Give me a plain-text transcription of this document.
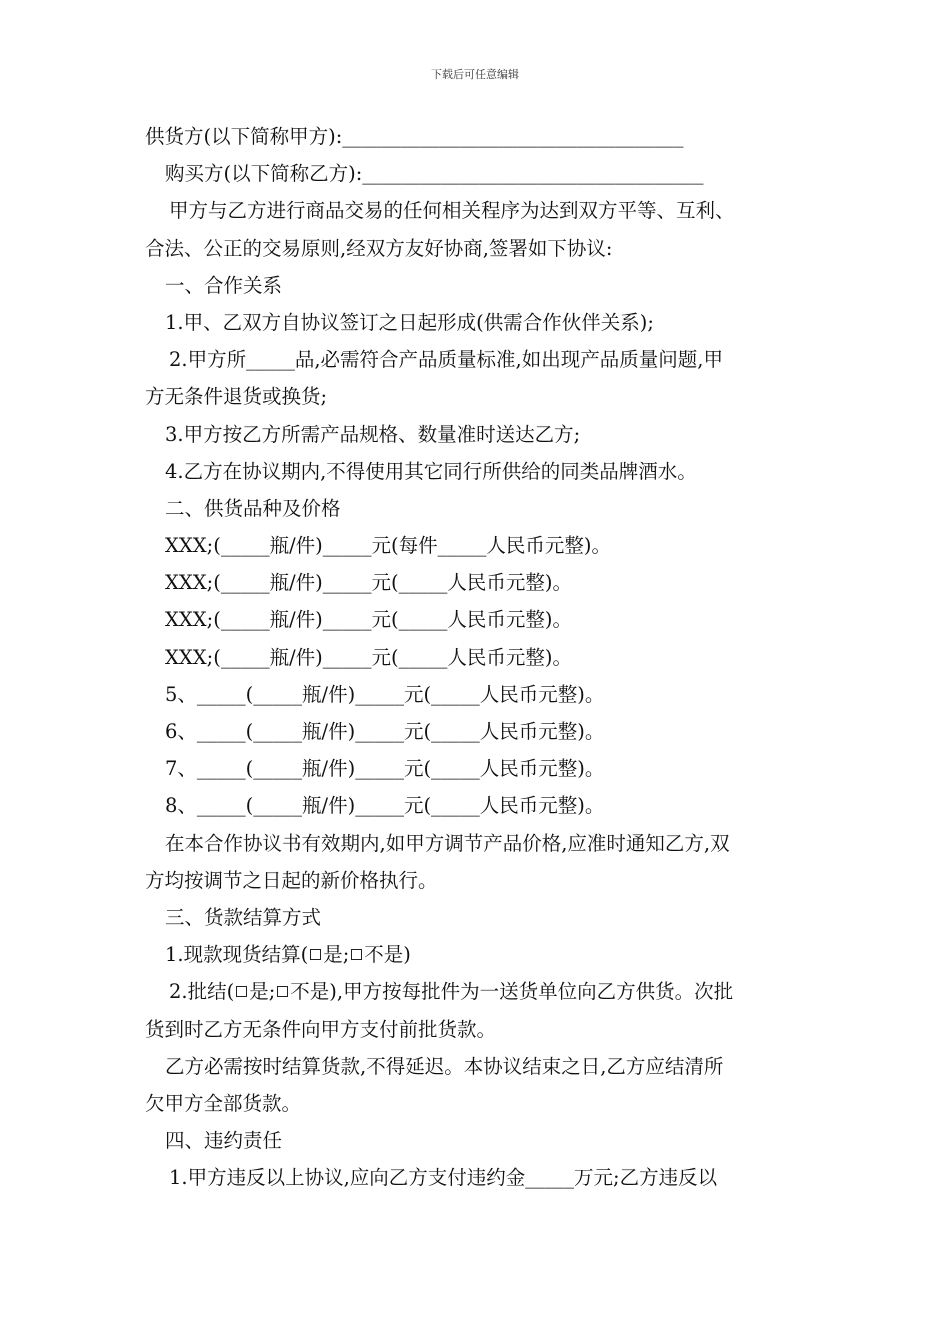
下载后可任意编辑
供货方(以下简称甲方):___________________________________
购买方(以下简称乙方):___________________________________
甲方与乙方进行商品交易的任何相关程序为达到双方平等、互利、
合法、公正的交易原则,经双方友好协商,签署如下协议:
一、合作关系
1.甲、乙双方自协议签订之日起形成(供需合作伙伴关系);
2.甲方所_____品,必需符合产品质量标准,如出现产品质量问题,甲
方无条件退货或换货;
3.甲方按乙方所需产品规格、数量准时送达乙方;
4.乙方在协议期内,不得使用其它同行所供给的同类品牌酒水。
二、供货品种及价格
XXX;(_____瓶/件)_____元(每件_____人民币元整)。
XXX;(_____瓶/件)_____元(_____人民币元整)。
XXX;(_____瓶/件)_____元(_____人民币元整)。
XXX;(_____瓶/件)_____元(_____人民币元整)。
5、_____(_____瓶/件)_____元(_____人民币元整)。
6、_____(_____瓶/件)_____元(_____人民币元整)。
7、_____(_____瓶/件)_____元(_____人民币元整)。
8、_____(_____瓶/件)_____元(_____人民币元整)。
在本合作协议书有效期内,如甲方调节产品价格,应准时通知乙方,双
方均按调节之日起的新价格执行。
三、货款结算方式
1.现款现货结算( 是; 不是)
2.批结( 是; 不是),甲方按每批件为一送货单位向乙方供货。次批
货到时乙方无条件向甲方支付前批货款。
乙方必需按时结算货款,不得延迟。本协议结束之日,乙方应结清所
欠甲方全部货款。
四、违约责任
1.甲方违反以上协议,应向乙方支付违约金_____万元;乙方违反以
